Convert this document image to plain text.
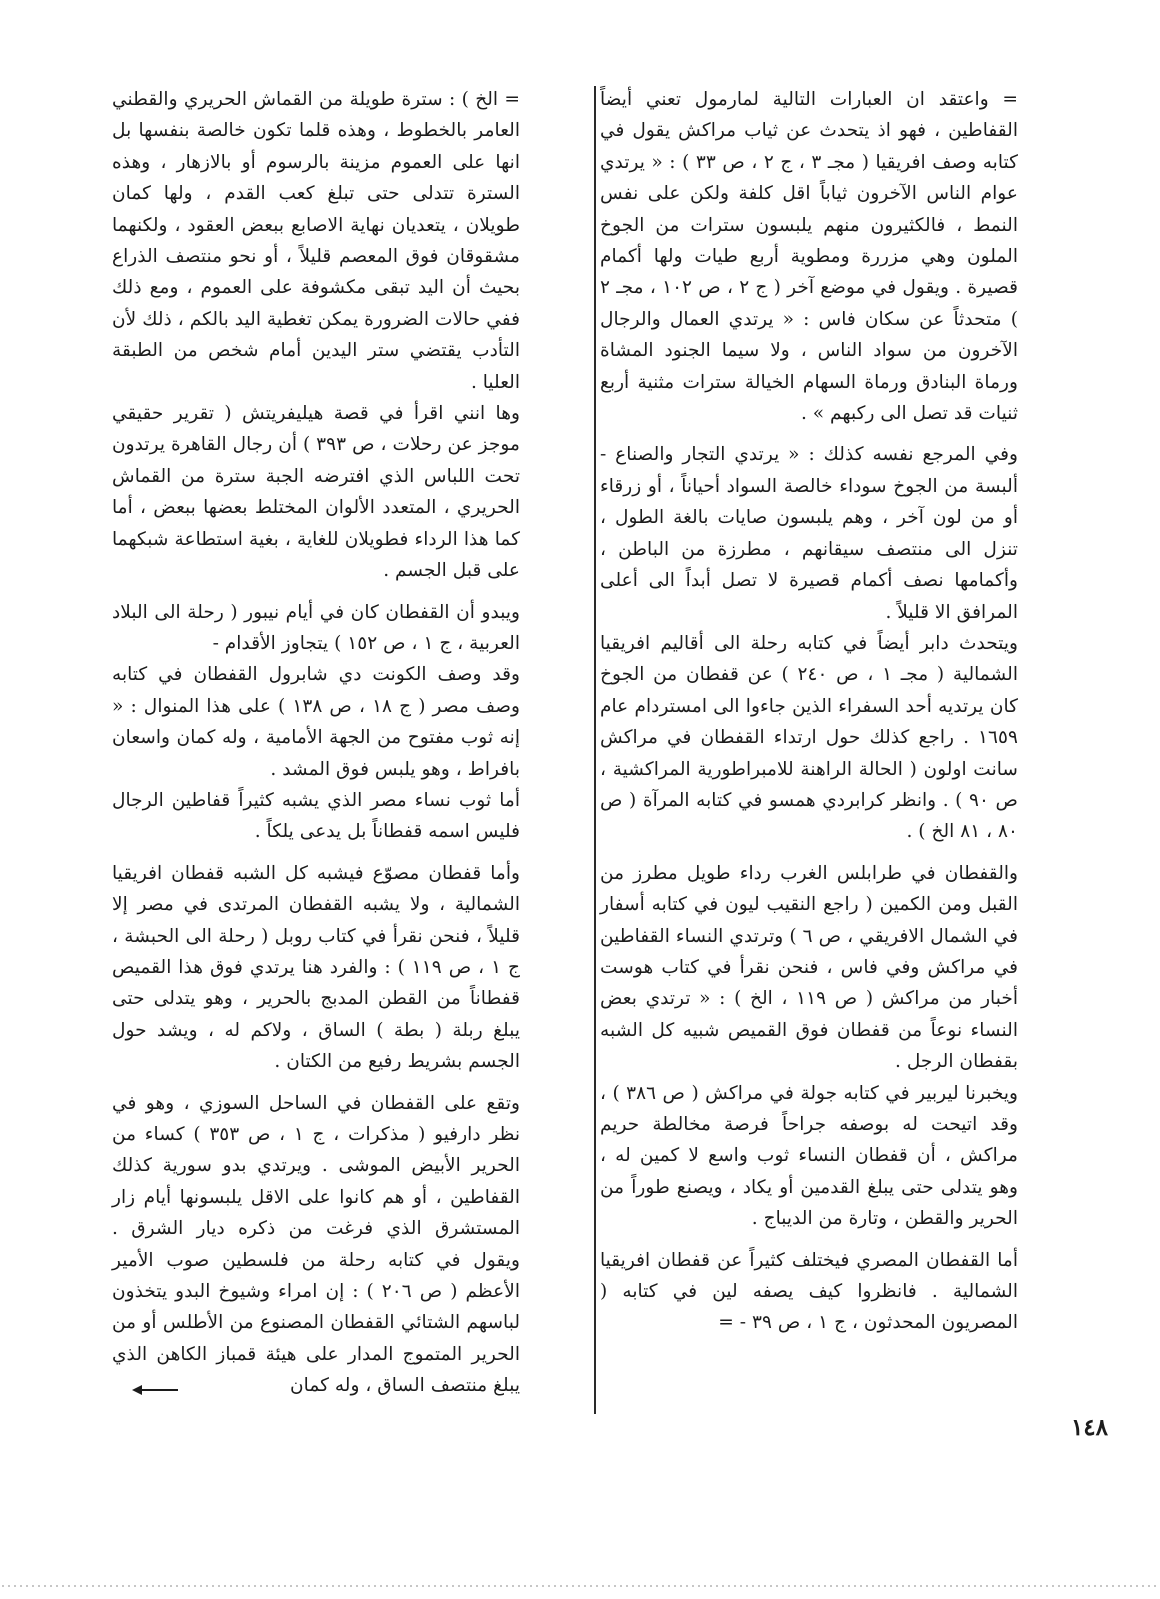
= واعتقد ان العبارات التالية لمارمول تعني أيضاً القفاطين ، فهو اذ يتحدث عن ثياب مراكش يقول في كتابه وصف افريقيا ( مجـ ٣ ، ج ٢ ، ص ٣٣ ) : « يرتدي عوام الناس الآخرون ثياباً اقل كلفة ولكن على نفس النمط ، فالكثيرون منهم يلبسون سترات من الجوخ الملون وهي مزررة ومطوية أربع طيات ولها أكمام قصيرة . ويقول في موضع آخر ( ج ٢ ، ص ١٠٢ ، مجـ ٢ ) متحدثاً عن سكان فاس : « يرتدي العمال والرجال الآخرون من سواد الناس ، ولا سيما الجنود المشاة ورماة البنادق ورماة السهام الخيالة سترات مثنية أربع ثنيات قد تصل الى ركبهم » .

وفي المرجع نفسه كذلك : « يرتدي التجار والصناع - ألبسة من الجوخ سوداء خالصة السواد أحياناً ، أو زرقاء أو من لون آخر ، وهم يلبسون صايات بالغة الطول ، تنزل الى منتصف سيقانهم ، مطرزة من الباطن ، وأكمامها نصف أكمام قصيرة لا تصل أبداً الى أعلى المرافق الا قليلاً .

ويتحدث دابر أيضاً في كتابه رحلة الى أقاليم افريقيا الشمالية ( مجـ ١ ، ص ٢٤٠ ) عن قفطان من الجوخ كان يرتديه أحد السفراء الذين جاءوا الى امستردام عام ١٦٥٩ . راجع كذلك حول ارتداء القفطان في مراكش سانت اولون ( الحالة الراهنة للامبراطورية المراكشية ، ص ٩٠ ) . وانظر كرابردي همسو في كتابه المرآة ( ص ٨٠ ، ٨١ الخ ) .

والقفطان في طرابلس الغرب رداء طويل مطرز من القبل ومن الكمين ( راجع النقيب ليون في كتابه أسفار في الشمال الافريقي ، ص ٦ ) وترتدي النساء القفاطين في مراكش وفي فاس ، فنحن نقرأ في كتاب هوست أخبار من مراكش ( ص ١١٩ ، الخ ) : « ترتدي بعض النساء نوعاً من قفطان فوق القميص شبيه كل الشبه بقفطان الرجل .

ويخبرنا ليربير في كتابه جولة في مراكش ( ص ٣٨٦ ) ، وقد اتيحت له بوصفه جراحاً فرصة مخالطة حريم مراكش ، أن قفطان النساء ثوب واسع لا كمين له ، وهو يتدلى حتى يبلغ القدمين أو يكاد ، ويصنع طوراً من الحرير والقطن ، وتارة من الديباج .

أما القفطان المصري فيختلف كثيراً عن قفطان افريقيا الشمالية . فانظروا كيف يصفه لين في كتابه ( المصريون المحدثون ، ج ١ ، ص ٣٩ - =

= الخ ) : سترة طويلة من القماش الحريري والقطني العامر بالخطوط ، وهذه قلما تكون خالصة بنفسها بل انها على العموم مزينة بالرسوم أو بالازهار ، وهذه السترة تتدلى حتى تبلغ كعب القدم ، ولها كمان طويلان ، يتعديان نهاية الاصابع ببعض العقود ، ولكنهما مشقوقان فوق المعصم قليلاً ، أو نحو منتصف الذراع بحيث أن اليد تبقى مكشوفة على العموم ، ومع ذلك ففي حالات الضرورة يمكن تغطية اليد بالكم ، ذلك لأن التأدب يقتضي ستر اليدين أمام شخص من الطبقة العليا .

وها انني اقرأ في قصة هيليفريتش ( تقرير حقيقي موجز عن رحلات ، ص ٣٩٣ ) أن رجال القاهرة يرتدون تحت اللباس الذي افترضه الجبة سترة من القماش الحريري ، المتعدد الألوان المختلط بعضها ببعض ، أما كما هذا الرداء فطويلان للغاية ، بغية استطاعة شبكهما على قبل الجسم .

ويبدو أن القفطان كان في أيام نيبور ( رحلة الى البلاد العربية ، ج ١ ، ص ١٥٢ ) يتجاوز الأقدام -

وقد وصف الكونت دي شابرول القفطان في كتابه وصف مصر ( ج ١٨ ، ص ١٣٨ ) على هذا المنوال : « إنه ثوب مفتوح من الجهة الأمامية ، وله كمان واسعان بافراط ، وهو يلبس فوق المشد .

أما ثوب نساء مصر الذي يشبه كثيراً قفاطين الرجال فليس اسمه قفطاناً بل يدعى يلكاً .

وأما قفطان مصوّع فيشبه كل الشبه قفطان افريقيا الشمالية ، ولا يشبه القفطان المرتدى في مصر إلا قليلاً ، فنحن نقرأ في كتاب روبل ( رحلة الى الحبشة ، ج ١ ، ص ١١٩ ) : والفرد هنا يرتدي فوق هذا القميص قفطاناً من القطن المدبج بالحرير ، وهو يتدلى حتى يبلغ ربلة ( بطة ) الساق ، ولاكم له ، ويشد حول الجسم بشريط رفيع من الكتان .

وتقع على القفطان في الساحل السوزي ، وهو في نظر دارفيو ( مذكرات ، ج ١ ، ص ٣٥٣ ) كساء من الحرير الأبيض الموشى . ويرتدي بدو سورية كذلك القفاطين ، أو هم كانوا على الاقل يلبسونها أيام زار المستشرق الذي فرغت من ذكره ديار الشرق . ويقول في كتابه رحلة من فلسطين صوب الأمير الأعظم ( ص ٢٠٦ ) : إن امراء وشيوخ البدو يتخذون لباسهم الشتائي القفطان المصنوع من الأطلس أو من الحرير المتموج المدار على هيئة قمباز الكاهن الذي يبلغ منتصف الساق ، وله كمان

١٤٨
